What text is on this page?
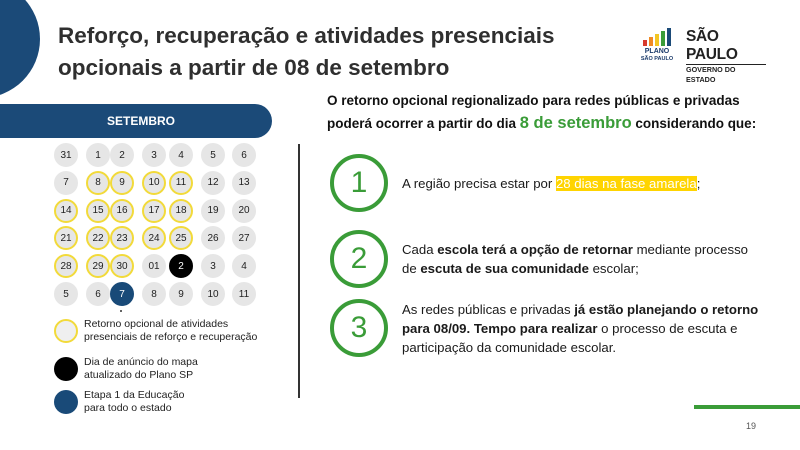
Reforço, recuperação e atividades presenciais
opcionais a partir de 08 de setembro
PLANO
SÃO PAULO
SÃO PAULO
GOVERNO DO ESTADO
SETEMBRO
31	1	2	3	4	5	6
7	8	9	10	11	12	13
14	15	16	17	18	19	20
21	22	23	24	25	26	27
28	29	30	01	2	3	4
5	6	7	8	9	10	11
Retorno opcional de atividades
presenciais de reforço e recuperação
Dia de anúncio do mapa
atualizado do Plano SP
Etapa 1 da Educação
para todo o estado
O retorno opcional regionalizado para redes públicas e privadas poderá ocorrer a partir do dia 8 de setembro considerando que:
1	A região precisa estar por 28 dias na fase amarela;
2	Cada escola terá a opção de retornar mediante processo de escuta de sua comunidade escolar;
3
As redes públicas e privadas já estão planejando o retorno para 08/09. Tempo para realizar o processo de escuta e participação da comunidade escolar.
19
